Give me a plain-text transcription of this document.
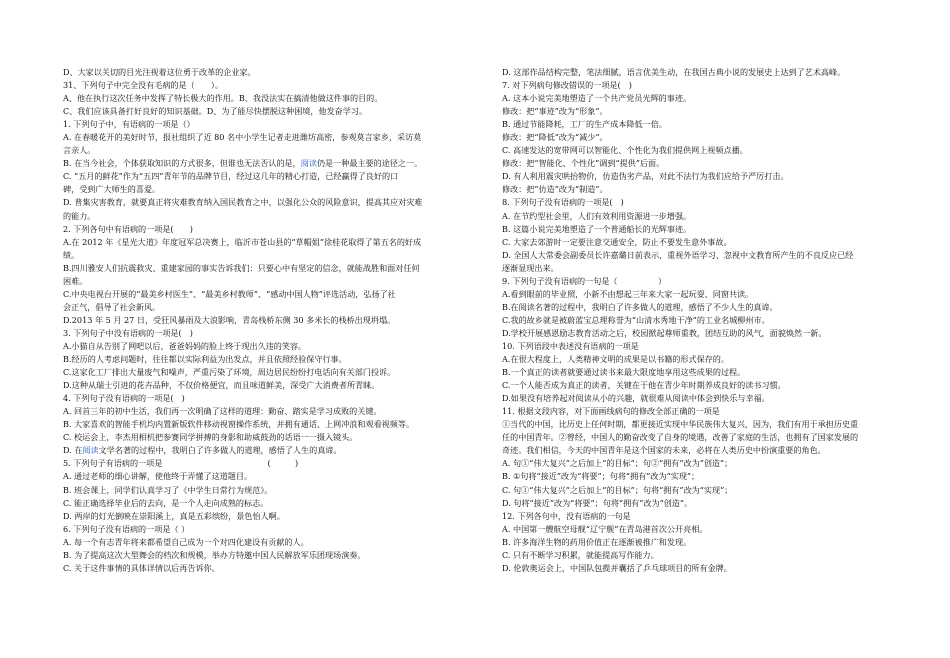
D、大家以关切的目光注视着这位勇于改革的企业家。
31、下列句子中完全没有毛病的是（　　）。
A、他在执行这次任务中发挥了特长极大的作用。B、我没法实在搞清他做这件事的目的。
C、我们应该具备打好良好的知识基础。D、为了能尽快摆脱这种困境，他发奋学习。
1. 下列句子中，有语病的一项是（）
A. 在春暖花开的美好时节，报社组织了近 80 名中小学生记者走进潍坊高密，参观莫言家乡，采访莫
言亲人。
B. 在当今社会，个体获取知识的方式很多，但谁也无法否认的是，阅读仍是一种最主要的途径之一。
C. “五月的鲜花”作为“五四”青年节的品牌节目，经过这几年的精心打造，已经赢得了良好的口
碑，受到广大师生的喜爱。
D. 普集灾害教育，就要真正将灾难教育纳入国民教育之中，以强化公众的风险意识，提高其应对灾难
的能力。
2. 下列各句中有语病的一项是(　　)
A.在 2012 年《星光大道》年度冠军总决赛上，临沂市苍山县的“草帽姐”徐桂花取得了第五名的好成
绩。
B.四川雅安人们抗震救灾、重建家园的事实告诉我们：只要心中有坚定的信念，就能战胜和面对任何
困难。
C.中央电视台开展的“最美乡村医生”、“最美乡村教师”、“感动中国人物”评选活动，弘扬了社
会正气，倡导了社会新风。
D.2013 年 5 月 27 日，受狂风暴雨及大浪影响，青岛栈桥东侧 30 多米长的栈桥出现坍塌。
3. 下列句子中没有语病的一项是(　)
A.小猫自从告别了网吧以后，爸爸妈妈的脸上终于现出久违的笑容。
B.经历的人考虑问题时，往往都以实际利益为出发点，并且依照经验保守行事。
C.这家化工厂排出大量废气和噪声，严重污染了环境，周边居民纷纷打电话向有关部门投诉。
D.这种从瑞士引进的花卉品种，不仅价格便宜，而且味道鲜美，深受广大消费者所青睐。
4. 下列句子没有语病的一项是(　)
A. 回首三年的初中生活，我们再一次明确了这样的道理：勤奋、踏实是学习成败的关键。
B. 大家喜欢的智能手机均内置新版软件移动视窗操作系统，并拥有通话、上网冲浪和观看视频等。
C. 校运会上，李杰用相机把参赛同学拼搏的身影和助威鼓劲的话语一一摄入镜头。
D. 在阅读文学名著的过程中，我明白了许多做人的道理，感悟了人生的真谛。
5. 下列句子有语病的一项是　　　　　　　　　　　　　(　　　)
A. 通过老师的细心讲解，使他终于弄懂了这道题目。
B. 班会课上，同学们认真学习了《中学生日常行为规范》。
C. 能正确选择毕业后的去向，是一个人走向成熟的标志。
D. 两岸的灯光倒映在崇阳溪上，真是五彩缤纷，景色怡人啊。
6. 下列句子没有语病的一项是（ ）
A. 每一个有志青年将来都希望自己成为一个对四化建设有贡献的人。
B. 为了提高这次大型舞会的档次和规模，举办方特邀中国人民解放军乐团现场演奏。
C. 关于这件事情的具体详情以后再告诉你。
D. 这部作品结构完整，笔法细腻，语言优美生动，在我国古典小说的发展史上达到了艺术高峰。
7. 对下列病句修改错误的一项是(　)
A. 这本小说完美地塑造了一个共产党员光辉的事迹。
修改：把“事迹”改为“形象”。
B. 通过节能降耗，工厂的生产成本降低一倍。
修改：把“降低”改为“减少”。
C. 高速发达的宽带网可以智能化、个性化为我们提供网上视频点播。
修改：把“智能化、个性化”调到“提供”后面。
D. 有人利用震灾哄抬物价，仿造伪劣产品，对此不法行为我们应给予严厉打击。
修改：把“仿造”改为“制造”。
8. 下列句子没有语病的一项是(　)
A. 在节约型社会里，人们有效利用资源进一步增强。
B. 这篇小说完美地塑造了一个普通船长的光辉事迹。
C. 大家去郊游时一定要注意交通安全，防止不要发生意外事故。
D. 全国人大常委会副委员长许嘉璐日前表示，重视外语学习、忽视中文教育所产生的不良反应已经
逐渐显现出来。
9. 下列句子没有语病的一句是（　　　　　）
A.看到眼前的毕业照，小新不由想起三年来大家一起玩耍、同窗共读。
B.在阅读名著的过程中，我明白了许多做人的道理，感悟了不少人生的真谛。
C.我的故乡就是被蔚蓝宝总理称誉为“山清水秀地干净”的工业名城柳州市。
D.学校开展感恩励志教育活动之后，校园掀起尊师重教，团结互助的风气，面貌焕然一新。
10. 下列语段中表述没有语病的一项是
A.在很大程度上，人类精神文明的成果是以书籍的形式保存的。
B.一个真正的读者就要通过读书来最大限度地享用这些成果的过程。
C.一个人能否成为真正的读者，关键在于他在青少年时期养成良好的读书习惯。
D.如果没有培养起对阅读从小的兴趣，就很难从阅读中体会到快乐与幸福。
11. 根据文段内容，对下面画线病句的修改全部正确的一项是
①当代的中国，比历史上任何时期，都更接近实现中华民族伟大复兴，因为，我们有用于承担历史重
任的中国青年。②曾经，中国人的勤奋改变了自身的境遇，改善了家庭的生活，也拥有了国家发展的
奇迹。我们相信，今天的中国青年是这个国家的未来，必将在人类历史中扮演重要的角色。
A. 句①“伟大复兴”之后加上“的目标”；句②“拥有”改为“创造”；
B. ①句将“接近”改为“将要”；句将“拥有”改为“实现”；
C. 句①“伟大复兴”之后加上“的目标”；句将“拥有”改为“实现”；
D. 句将“接近”改为“将要”；句将“拥有”改为“创造”。
12. 下列各句中，没有语病的一句是
A. 中国第一艘航空母舰“辽宁舰”在青岛港首次公开亮相。
B. 许多海洋生物的药用价值正在逐渐被推广和发现。
C. 只有不断学习积累，就能提高写作能力。
D. 伦敦奥运会上，中国队包揽并囊括了乒乓球项目的所有金牌。
